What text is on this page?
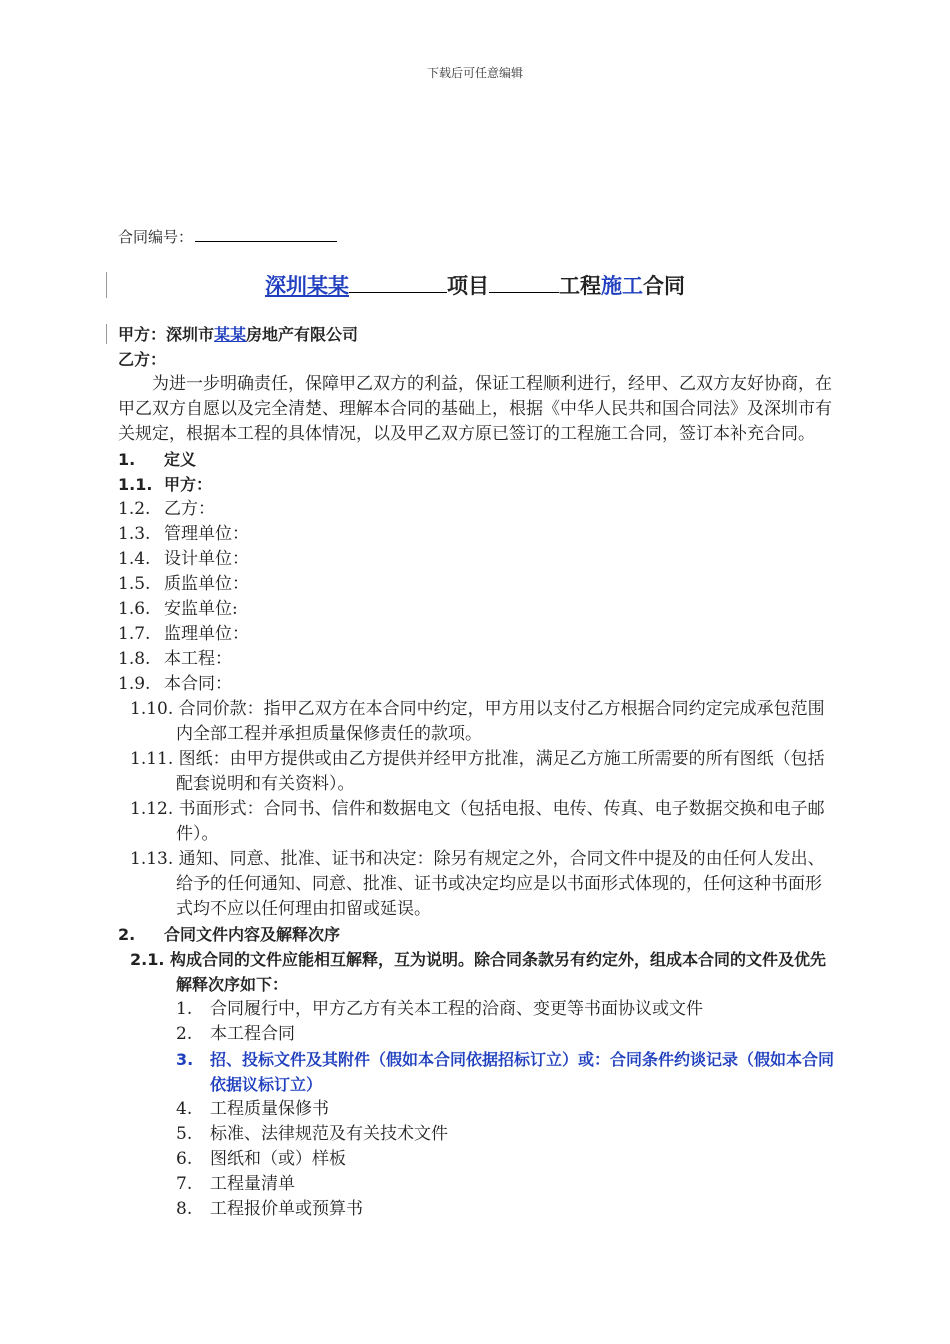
下载后可任意编辑
合同编号：
深圳某某	项目	工程施工合同

甲方：深圳市某某房地产有限公司

乙方：

为进一步明确责任，保障甲乙双方的利益，保证工程顺利进行，经甲、乙双方友好协商，在甲乙双方自愿以及完全清楚、理解本合同的基础上，根据《中华人民共和国合同法》及深圳市有关规定，根据本工程的具体情况，以及甲乙双方原已签订的工程施工合同，签订本补充合同。

1.	定义
1.1. 甲方：
1.2. 乙方：
1.3. 管理单位：
1.4. 设计单位：
1.5. 质监单位：
1.6. 安监单位:
1.7. 监理单位：
1.8. 本工程：
1.9. 本合同：

1.10. 合同价款：指甲乙双方在本合同中约定，甲方用以支付乙方根据合同约定完成承包范围内全部工程并承担质量保修责任的款项。

1.11. 图纸：由甲方提供或由乙方提供并经甲方批准，满足乙方施工所需要的所有图纸（包括配套说明和有关资料）。

1.12. 书面形式：合同书、信件和数据电文（包括电报、电传、传真、电子数据交换和电子邮件）。

1.13. 通知、同意、批准、证书和决定：除另有规定之外，合同文件中提及的由任何人发出、给予的任何通知、同意、批准、证书或决定均应是以书面形式体现的，任何这种书面形式均不应以任何理由扣留或延误。

2.	合同文件内容及解释次序

2.1. 构成合同的文件应能相互解释，互为说明。除合同条款另有约定外，组成本合同的文件及优先解释次序如下：

1.	合同履行中，甲方乙方有关本工程的洽商、变更等书面协议或文件
2.	本工程合同
3.	招、投标文件及其附件（假如本合同依据招标订立）或：合同条件约谈记录（假如本合同依据议标订立）
4.	工程质量保修书
5.	标准、法律规范及有关技术文件
6.	图纸和（或）样板
7.	工程量清单
8.	工程报价单或预算书
